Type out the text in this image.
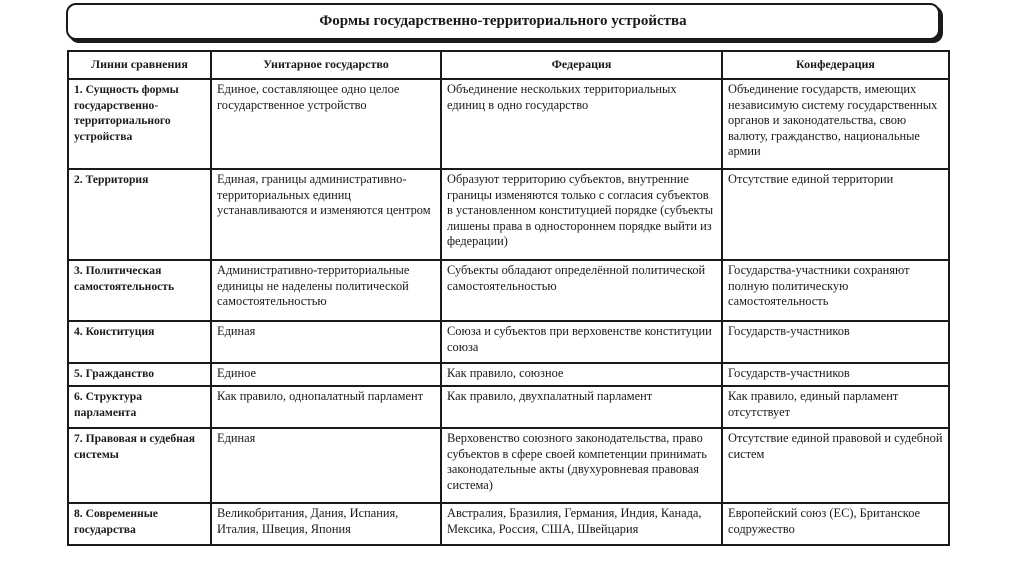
Формы государственно-территориального устройства
Линии сравнения	Унитарное государство	Федерация	Конфедерация
1. Сущность формы государственно-территориального устройства	Единое, составляющее одно целое государственное устройство	Объединение нескольких территориальных единиц в одно государство	Объединение государств, имеющих независимую систему государственных органов и законодательства, свою валюту, гражданство, национальные армии
2. Территория	Единая, границы административно-территориальных единиц устанавливаются и изменяются центром	Образуют территорию субъектов, внутренние границы изменяются только с согласия субъектов в установленном конституцией порядке (субъекты лишены права в одностороннем порядке выйти из федерации)	Отсутствие единой территории
3. Политическая самостоятельность	Административно-территориальные единицы не наделены политической самостоятельностью	Субъекты обладают определённой политической самостоятельностью	Государства-участники сохраняют полную политическую самостоятельность
4. Конституция	Единая	Союза и субъектов при верховенстве конституции союза	Государств-участников
5. Гражданство	Единое	Как правило, союзное	Государств-участников
6. Структура парламента	Как правило, однопалатный парламент	Как правило, двухпалатный парламент	Как правило, единый парламент отсутствует
7. Правовая и судебная системы	Единая	Верховенство союзного законодательства, право субъектов в сфере своей компетенции принимать законодательные акты (двухуровневая правовая система)	Отсутствие единой правовой и судебной систем
8. Современные государства	Великобритания, Дания, Испания, Италия, Швеция, Япония	Австралия, Бразилия, Германия, Индия, Канада, Мексика, Россия, США, Швейцария	Европейский союз (ЕС), Британское содружество
